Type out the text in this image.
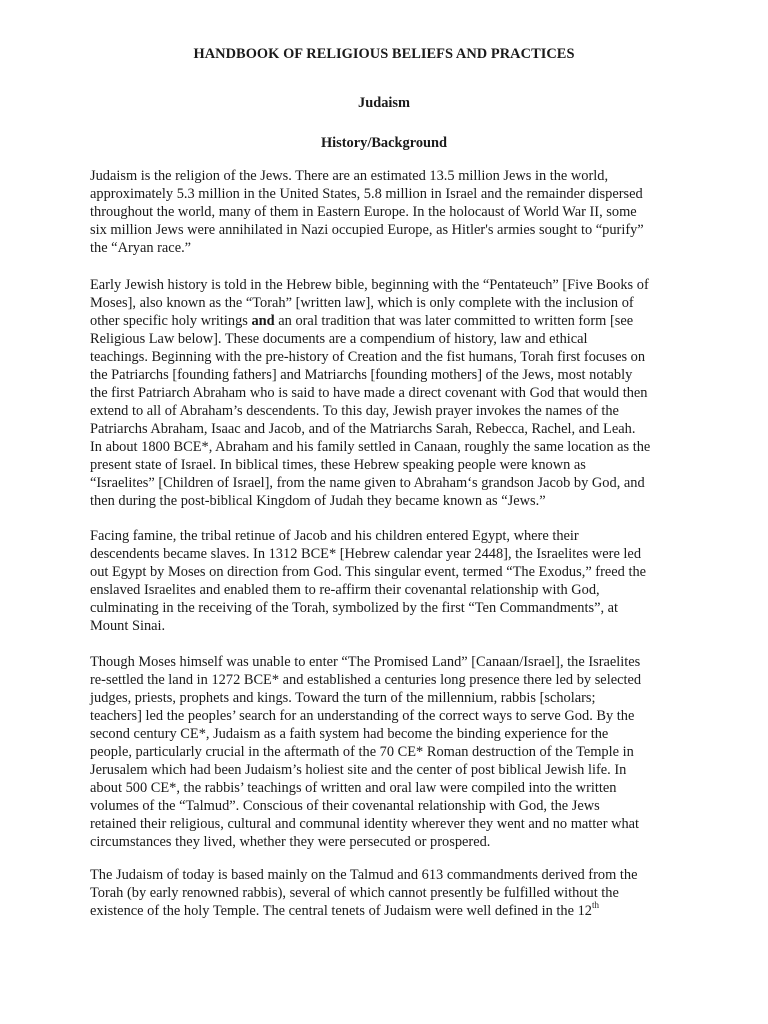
HANDBOOK OF RELIGIOUS BELIEFS AND PRACTICES
Judaism
History/Background
Judaism is the religion of the Jews. There are an estimated 13.5 million Jews in the world,
approximately 5.3 million in the United States, 5.8 million in Israel and the remainder dispersed
throughout the world, many of them in Eastern Europe. In the holocaust of World War II, some
six million Jews were annihilated in Nazi occupied Europe, as Hitler's armies sought to “purify”
the “Aryan race.”
Early Jewish history is told in the Hebrew bible, beginning with the “Pentateuch” [Five Books of
Moses], also known as the “Torah” [written law], which is only complete with the inclusion of
other specific holy writings and an oral tradition that was later committed to written form [see
Religious Law below]. These documents are a compendium of history, law and ethical
teachings. Beginning with the pre-history of Creation and the fist humans, Torah first focuses on
the Patriarchs [founding fathers] and Matriarchs [founding mothers] of the Jews, most notably
the first Patriarch Abraham who is said to have made a direct covenant with God that would then
extend to all of Abraham’s descendents. To this day, Jewish prayer invokes the names of the
Patriarchs Abraham, Isaac and Jacob, and of the Matriarchs Sarah, Rebecca, Rachel, and Leah.
In about 1800 BCE*, Abraham and his family settled in Canaan, roughly the same location as the
present state of Israel. In biblical times, these Hebrew speaking people were known as
“Israelites” [Children of Israel], from the name given to Abraham‘s grandson Jacob by God, and
then during the post-biblical Kingdom of Judah they became known as “Jews.”
Facing famine, the tribal retinue of Jacob and his children entered Egypt, where their
descendents became slaves. In 1312 BCE* [Hebrew calendar year 2448], the Israelites were led
out Egypt by Moses on direction from God. This singular event, termed “The Exodus,” freed the
enslaved Israelites and enabled them to re-affirm their covenantal relationship with God,
culminating in the receiving of the Torah, symbolized by the first “Ten Commandments”, at
Mount Sinai.
Though Moses himself was unable to enter “The Promised Land” [Canaan/Israel], the Israelites
re-settled the land in 1272 BCE* and established a centuries long presence there led by selected
judges, priests, prophets and kings. Toward the turn of the millennium, rabbis [scholars;
teachers] led the peoples’ search for an understanding of the correct ways to serve God. By the
second century CE*, Judaism as a faith system had become the binding experience for the
people, particularly crucial in the aftermath of the 70 CE* Roman destruction of the Temple in
Jerusalem which had been Judaism’s holiest site and the center of post biblical Jewish life. In
about 500 CE*, the rabbis’ teachings of written and oral law were compiled into the written
volumes of the “Talmud”. Conscious of their covenantal relationship with God, the Jews
retained their religious, cultural and communal identity wherever they went and no matter what
circumstances they lived, whether they were persecuted or prospered.
The Judaism of today is based mainly on the Talmud and 613 commandments derived from the
Torah (by early renowned rabbis), several of which cannot presently be fulfilled without the
existence of the holy Temple. The central tenets of Judaism were well defined in the 12th
